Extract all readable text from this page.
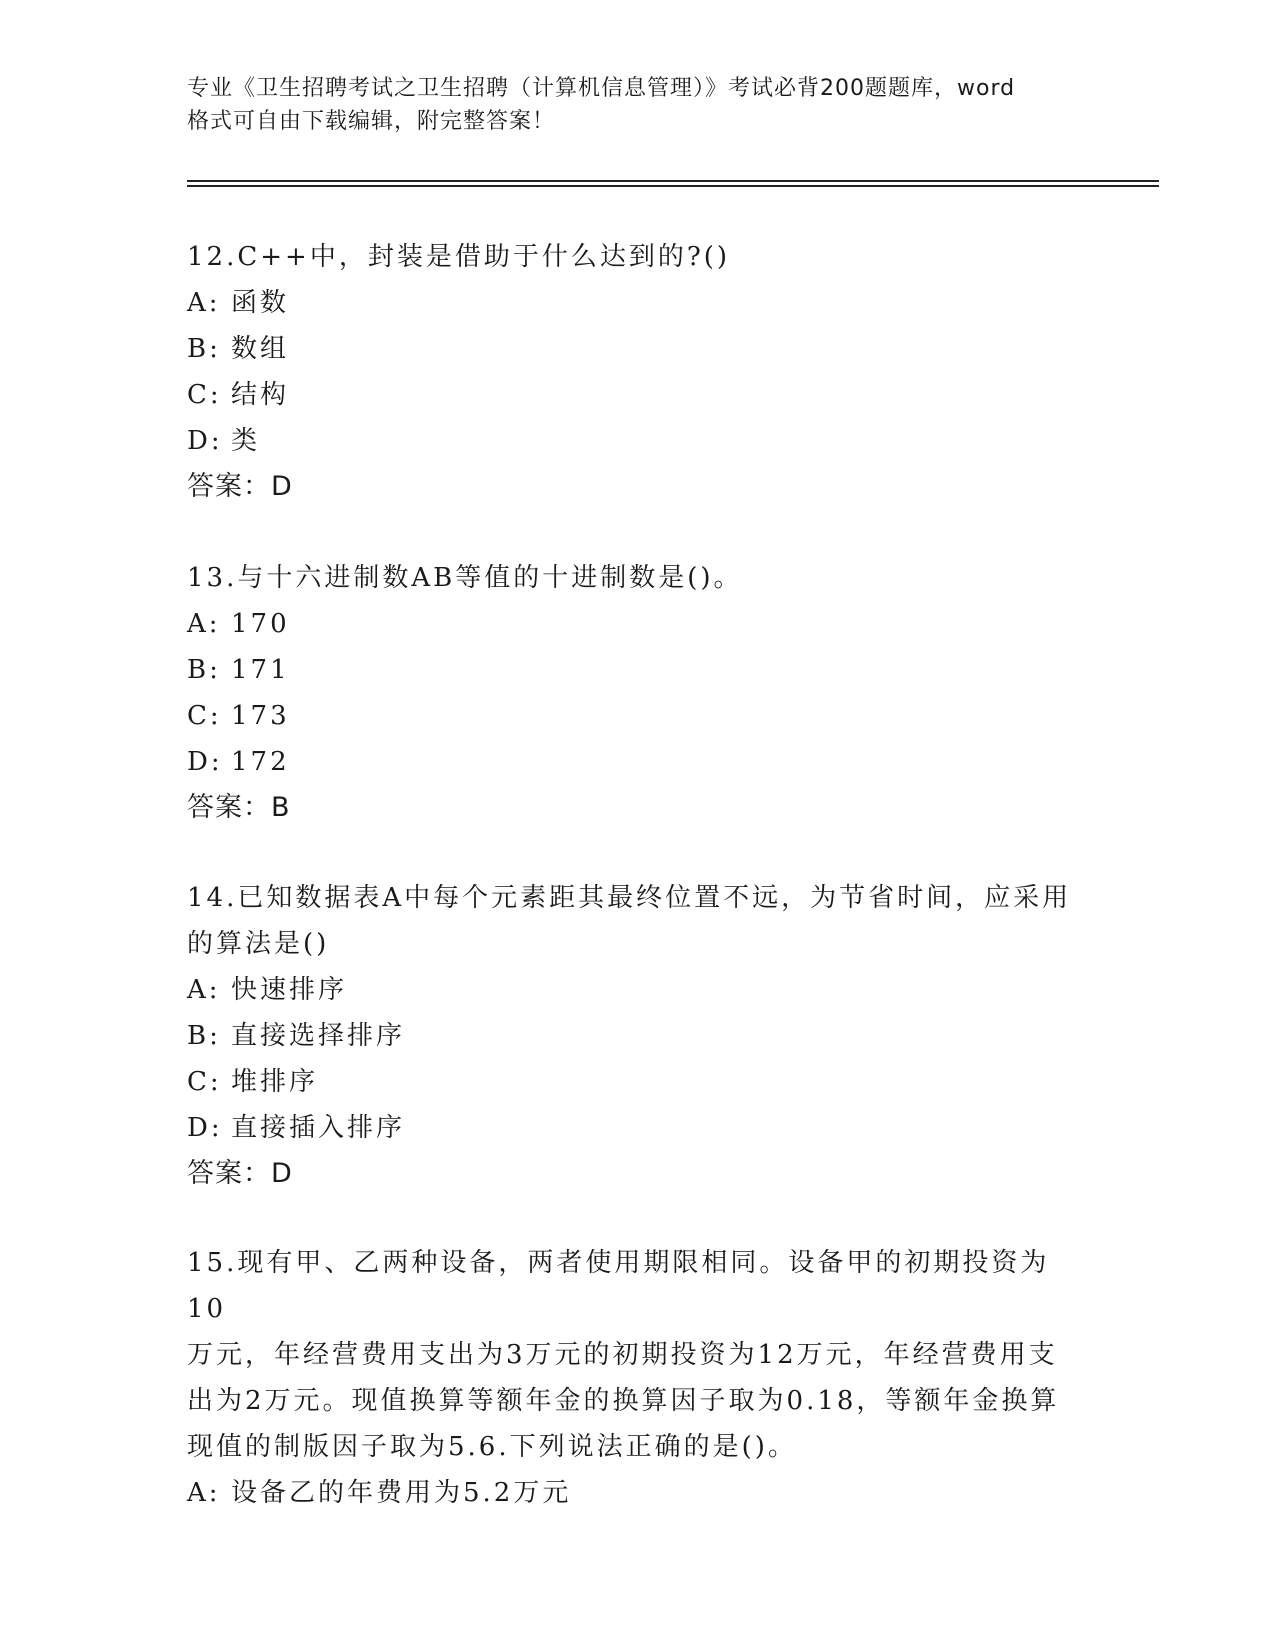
专业《卫生招聘考试之卫生招聘（计算机信息管理）》考试必背200题题库，word
格式可自由下载编辑，附完整答案！

12.C++中，封装是借助于什么达到的?()

A: 函数

B: 数组

C: 结构

D: 类

答案：D

13.与十六进制数AB等值的十进制数是()。

A: 170

B: 171

C: 173

D: 172

答案：B

14.已知数据表A中每个元素距其最终位置不远，为节省时间，应采用

的算法是()

A: 快速排序

B: 直接选择排序

C: 堆排序

D: 直接插入排序

答案：D

15.现有甲、乙两种设备，两者使用期限相同。设备甲的初期投资为10

万元，年经营费用支出为3万元的初期投资为12万元，年经营费用支

出为2万元。现值换算等额年金的换算因子取为0.18，等额年金换算

现值的制版因子取为5.6.下列说法正确的是()。

A: 设备乙的年费用为5.2万元
